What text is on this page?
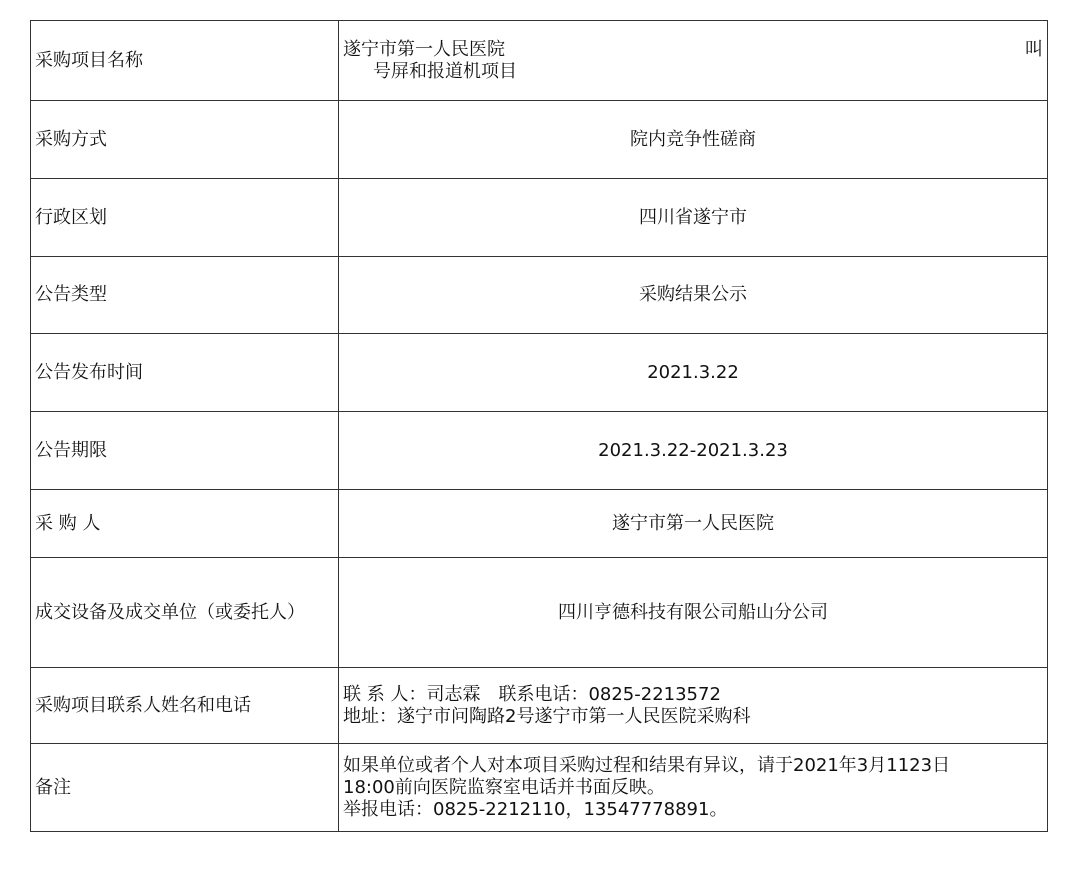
采购项目名称	遂宁市第一人民医院 叫
号屏和报道机项目

采购方式	院内竞争性磋商
行政区划	四川省遂宁市
公告类型	采购结果公示
公告发布时间	2021.3.22
公告期限	2021.3.22-2021.3.23
采 购 人	遂宁市第一人民医院
成交设备及成交单位（或委托人）	四川亨德科技有限公司船山分公司
采购项目联系人姓名和电话	联 系 人：司志霖　联系电话：0825-2213572
地址：遂宁市问陶路2号遂宁市第一人民医院采购科

备注	如果单位或者个人对本项目采购过程和结果有异议，请于2021年3月1123日
18:00前向医院监察室电话并书面反映。
举报电话：0825-2212110，13547778891。
